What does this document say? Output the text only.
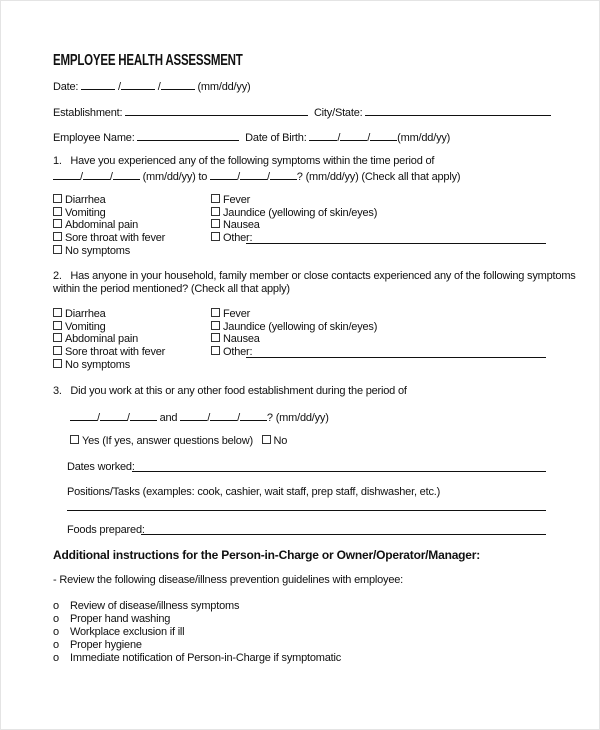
EMPLOYEE HEALTH ASSESSMENT
Date:	/	/	(mm/dd/yy)
Establishment:	City/State:
Employee Name:	Date of Birth:	/ / (mm/dd/yy)
1. Have you experienced any of the following symptoms within the time period of
/ /	(mm/dd/yy) to	/ / ? (mm/dd/yy) (Check all that apply)
Diarrhea
Vomiting
Abdominal pain
Sore throat with fever
No symptoms
Fever
Jaundice (yellowing of skin/eyes)
Nausea
Other:
2. Has anyone in your household, family member or close contacts experienced any of the following symptoms
within the period mentioned? (Check all that apply)
Diarrhea
Vomiting
Abdominal pain
Sore throat with fever
No symptoms
Fever
Jaundice (yellowing of skin/eyes)
Nausea
Other:
3. Did you work at this or any other food establishment during the period of
/ /	and	/ / ? (mm/dd/yy)
Yes (If yes, answer questions below) No
Dates worked:
Positions/Tasks (examples: cook, cashier, wait staff, prep staff, dishwasher, etc.)
Foods prepared:
Additional instructions for the Person-in-Charge or Owner/Operator/Manager:
- Review the following disease/illness prevention guidelines with employee:
o Review of disease/illness symptoms
o Proper hand washing
o Workplace exclusion if ill
o Proper hygiene
o Immediate notification of Person-in-Charge if symptomatic
